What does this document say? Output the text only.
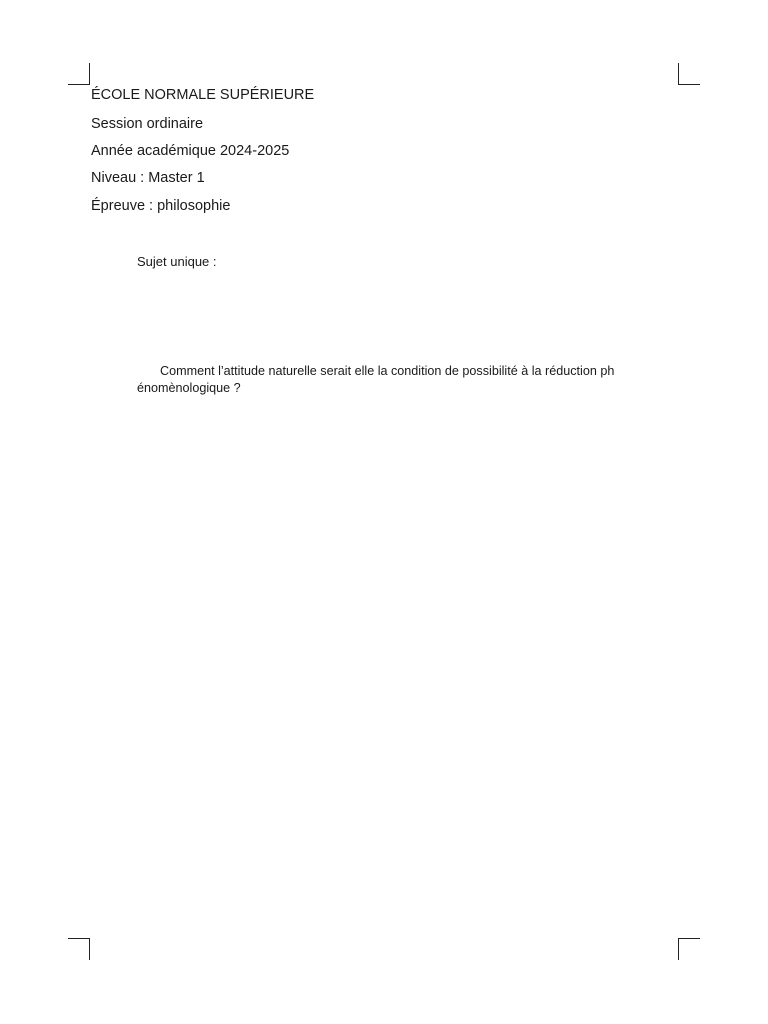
ÉCOLE NORMALE SUPÉRIEURE
Session ordinaire
Année académique 2024-2025
Niveau : Master 1
Épreuve : philosophie
Sujet unique :
Comment l’attitude naturelle serait elle la condition de possibilité à la réduction ph
énomènologique ?
